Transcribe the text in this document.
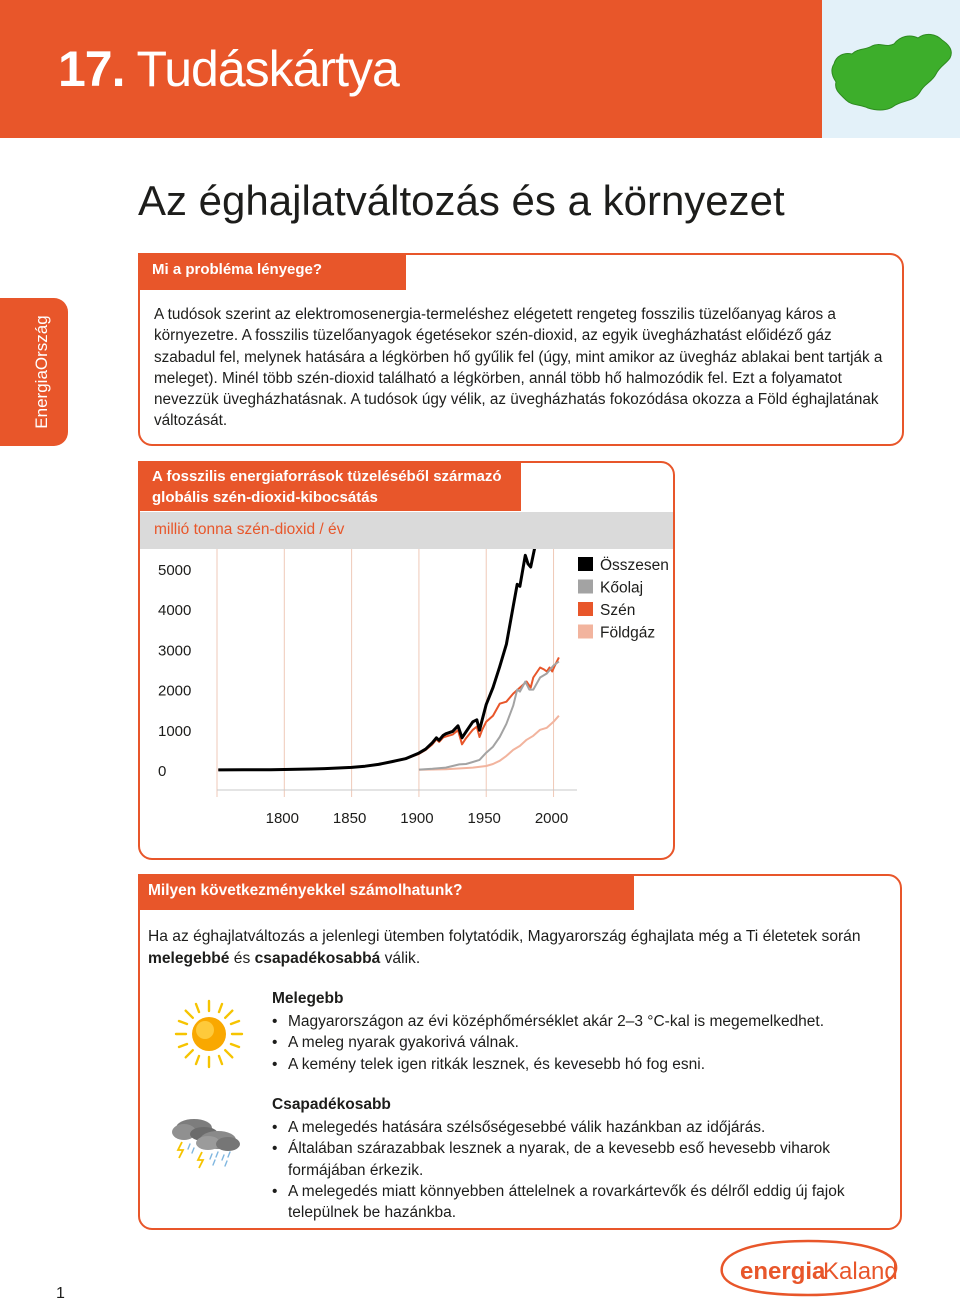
17. Tudáskártya
EnergiaOrszág
Az éghajlatváltozás és a környezet
Mi a probléma lényege?
A tudósok szerint az elektromosenergia-termeléshez elégetett rengeteg fosszilis tüzelőanyag káros a környezetre. A fosszilis tüzelőanyagok égetésekor szén-dioxid, az egyik üvegházhatást előidéző gáz szabadul fel, melynek hatására a légkörben hő gyűlik fel (úgy, mint amikor az üvegház ablakai bent tartják a meleget). Minél több szén-dioxid található a légkörben, annál több hő halmozódik fel. Ezt a folyamatot nevezzük üvegházhatásnak. A tudósok úgy vélik, az üvegházhatás fokozódása okozza a Föld éghajlatának változását.
A fosszilis energiaforrások tüzeléséből származó
globális szén-dioxid-kibocsátás
millió tonna szén-dioxid / év
0
1000
2000
3000
4000
5000
1800 1850 1900 1950 2000
Összesen
Kőolaj
Szén
Földgáz
Milyen következményekkel számolhatunk?
Ha az éghajlatváltozás a jelenlegi ütemben folytatódik, Magyarország éghajlata még a Ti életetek során melegebbé és csapadékosabbá válik.
Melegebb
• Magyarországon az évi középhőmérséklet akár 2–3 °C-kal is megemelkedhet.
• A meleg nyarak gyakorivá válnak.
• A kemény telek igen ritkák lesznek, és kevesebb hó fog esni.
Csapadékosabb
• A melegedés hatására szélsőségesebbé válik hazánkban az időjárás.
• Általában szárazabbak lesznek a nyarak, de a kevesebb eső hevesebb viharok formájában érkezik.
• A melegedés miatt könnyebben áttelelnek a rovarkártevők és délről eddig új fajok települnek be hazánkba.
1
energia
Kaland
